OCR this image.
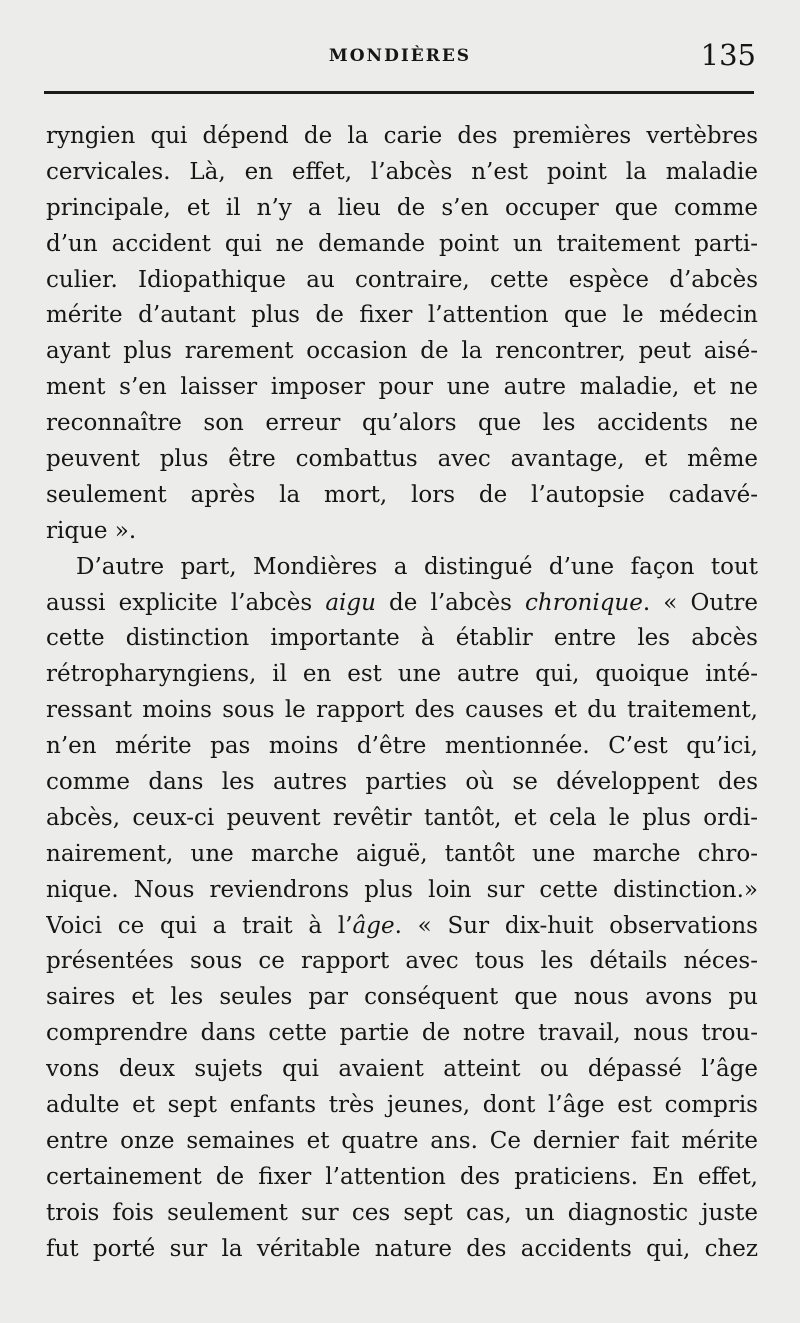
MONDIÈRES	135
ryngien qui dépend de la carie des premières vertèbres
cervicales. Là, en effet, l’abcès n’est point la maladie
principale, et il n’y a lieu de s’en occuper que comme
d’un accident qui ne demande point un traitement parti-
culier. Idiopathique au contraire, cette espèce d’abcès
mérite d’autant plus de fixer l’attention que le médecin
ayant plus rarement occasion de la rencontrer, peut aisé-
ment s’en laisser imposer pour une autre maladie, et ne
reconnaître son erreur qu’alors que les accidents ne
peuvent plus être combattus avec avantage, et même
seulement après la mort, lors de l’autopsie cadavé-
rique ».
D’autre part, Mondières a distingué d’une façon tout
aussi explicite l’abcès aigu de l’abcès chronique. « Outre
cette distinction importante à établir entre les abcès
rétropharyngiens, il en est une autre qui, quoique inté-
ressant moins sous le rapport des causes et du traitement,
n’en mérite pas moins d’être mentionnée. C’est qu’ici,
comme dans les autres parties où se développent des
abcès, ceux-ci peuvent revêtir tantôt, et cela le plus ordi-
nairement, une marche aiguë, tantôt une marche chro-
nique. Nous reviendrons plus loin sur cette distinction.»
Voici ce qui a trait à l’âge. « Sur dix-huit observations
présentées sous ce rapport avec tous les détails néces-
saires et les seules par conséquent que nous avons pu
comprendre dans cette partie de notre travail, nous trou-
vons deux sujets qui avaient atteint ou dépassé l’âge
adulte et sept enfants très jeunes, dont l’âge est compris
entre onze semaines et quatre ans. Ce dernier fait mérite
certainement de fixer l’attention des praticiens. En effet,
trois fois seulement sur ces sept cas, un diagnostic juste
fut porté sur la véritable nature des accidents qui, chez
